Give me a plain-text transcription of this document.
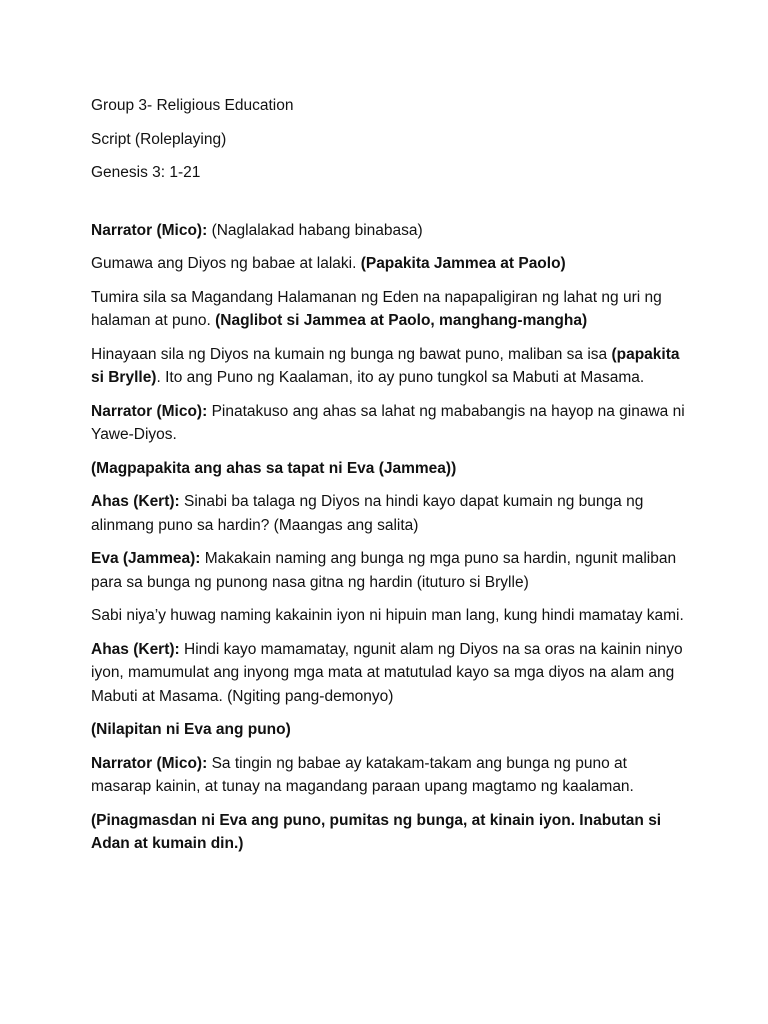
Group 3- Religious Education

Script (Roleplaying)

Genesis 3: 1-21

Narrator (Mico): (Naglalakad habang binabasa)

Gumawa ang Diyos ng babae at lalaki. (Papakita Jammea at Paolo)

Tumira sila sa Magandang Halamanan ng Eden na napapaligiran ng lahat ng uri ng halaman at puno. (Naglibot si Jammea at Paolo, manghang-mangha)

Hinayaan sila ng Diyos na kumain ng bunga ng bawat puno, maliban sa isa (papakita si Brylle). Ito ang Puno ng Kaalaman, ito ay puno tungkol sa Mabuti at Masama.

Narrator (Mico): Pinatakuso ang ahas sa lahat ng mababangis na hayop na ginawa ni Yawe-Diyos.

(Magpapakita ang ahas sa tapat ni Eva (Jammea))

Ahas (Kert): Sinabi ba talaga ng Diyos na hindi kayo dapat kumain ng bunga ng alinmang puno sa hardin? (Maangas ang salita)

Eva (Jammea): Makakain naming ang bunga ng mga puno sa hardin, ngunit maliban para sa bunga ng punong nasa gitna ng hardin (ituturo si Brylle)

Sabi niya’y huwag naming kakainin iyon ni hipuin man lang, kung hindi mamatay kami.

Ahas (Kert): Hindi kayo mamamatay, ngunit alam ng Diyos na sa oras na kainin ninyo iyon, mamumulat ang inyong mga mata at matutulad kayo sa mga diyos na alam ang Mabuti at Masama. (Ngiting pang-demonyo)

(Nilapitan ni Eva ang puno)

Narrator (Mico): Sa tingin ng babae ay katakam-takam ang bunga ng puno at masarap kainin, at tunay na magandang paraan upang magtamo ng kaalaman.

(Pinagmasdan ni Eva ang puno, pumitas ng bunga, at kinain iyon. Inabutan si Adan at kumain din.)
